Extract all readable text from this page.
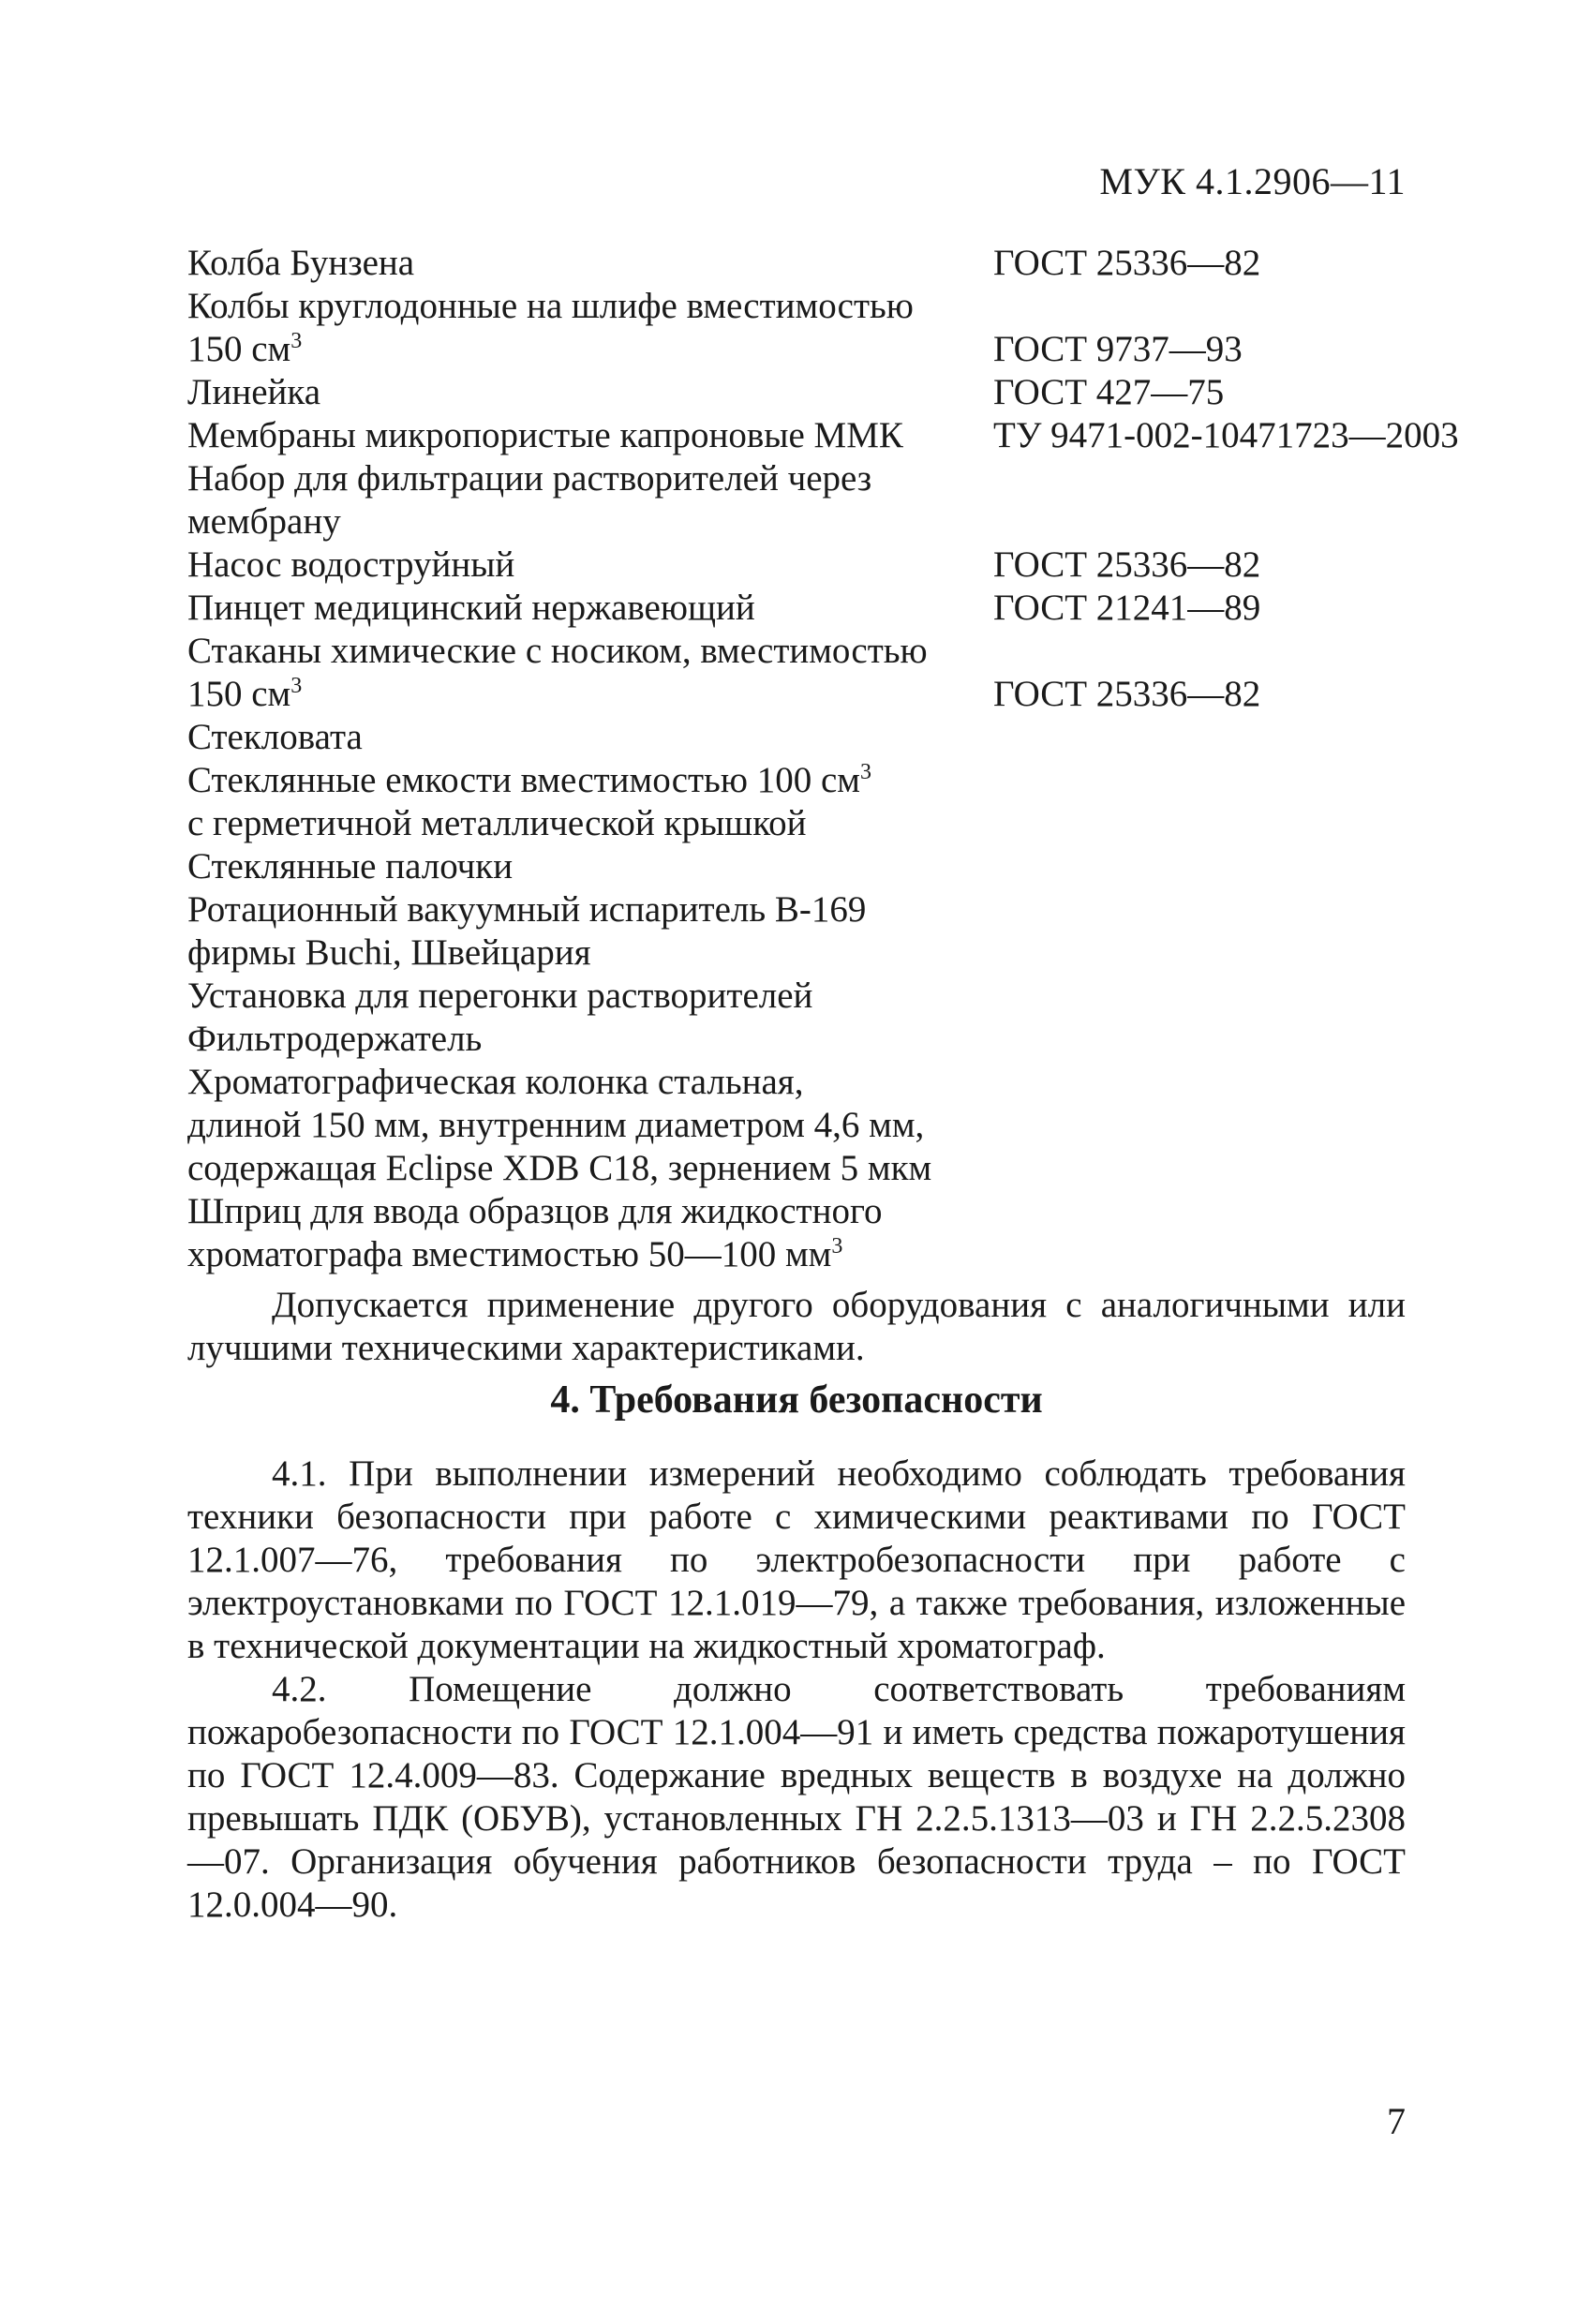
МУК 4.1.2906—11
Колба Бунзена	ГОСТ 25336—82
Колбы круглодонные на шлифе вместимостью
150 $см^3$	ГОСТ 9737—93
Линейка	ГОСТ 427—75
Мембраны микропористые капроновые ММК	ТУ 9471-002-10471723—2003
Набор для фильтрации растворителей через
мембрану
Насос водоструйный	ГОСТ 25336—82
Пинцет медицинский нержавеющий	ГОСТ 21241—89
Стаканы химические с носиком, вместимостью
150 $см^3$	ГОСТ 25336—82
Стекловата
Стеклянные емкости вместимостью 100 $см^3$
с герметичной металлической крышкой
Стеклянные палочки
Ротационный вакуумный испаритель В-169
фирмы Buchi, Швейцария
Установка для перегонки растворителей
Фильтродержатель
Хроматографическая колонка стальная,
длиной 150 мм, внутренним диаметром 4,6 мм,
содержащая Eclipse XDB C18, зернением 5 мкм
Шприц для ввода образцов для жидкостного
хроматографа вместимостью 50—100 $мм^3$
Допускается применение другого оборудования с аналогичными или лучшими техническими характеристиками.
4. Требования безопасности
4.1. При выполнении измерений необходимо соблюдать требования техники безопасности при работе с химическими реактивами по ГОСТ 12.1.007—76, требования по электробезопасности при работе с электроустановками по ГОСТ 12.1.019—79, а также требования, изложенные в технической документации на жидкостный хроматограф.
4.2. Помещение должно соответствовать требованиям пожаробезопасности по ГОСТ 12.1.004—91 и иметь средства пожаротушения по ГОСТ 12.4.009—83. Содержание вредных веществ в воздухе на должно превышать ПДК (ОБУВ), установленных ГН 2.2.5.1313—03 и ГН 2.2.5.2308—07. Организация обучения работников безопасности труда – по ГОСТ 12.0.004—90.
7
